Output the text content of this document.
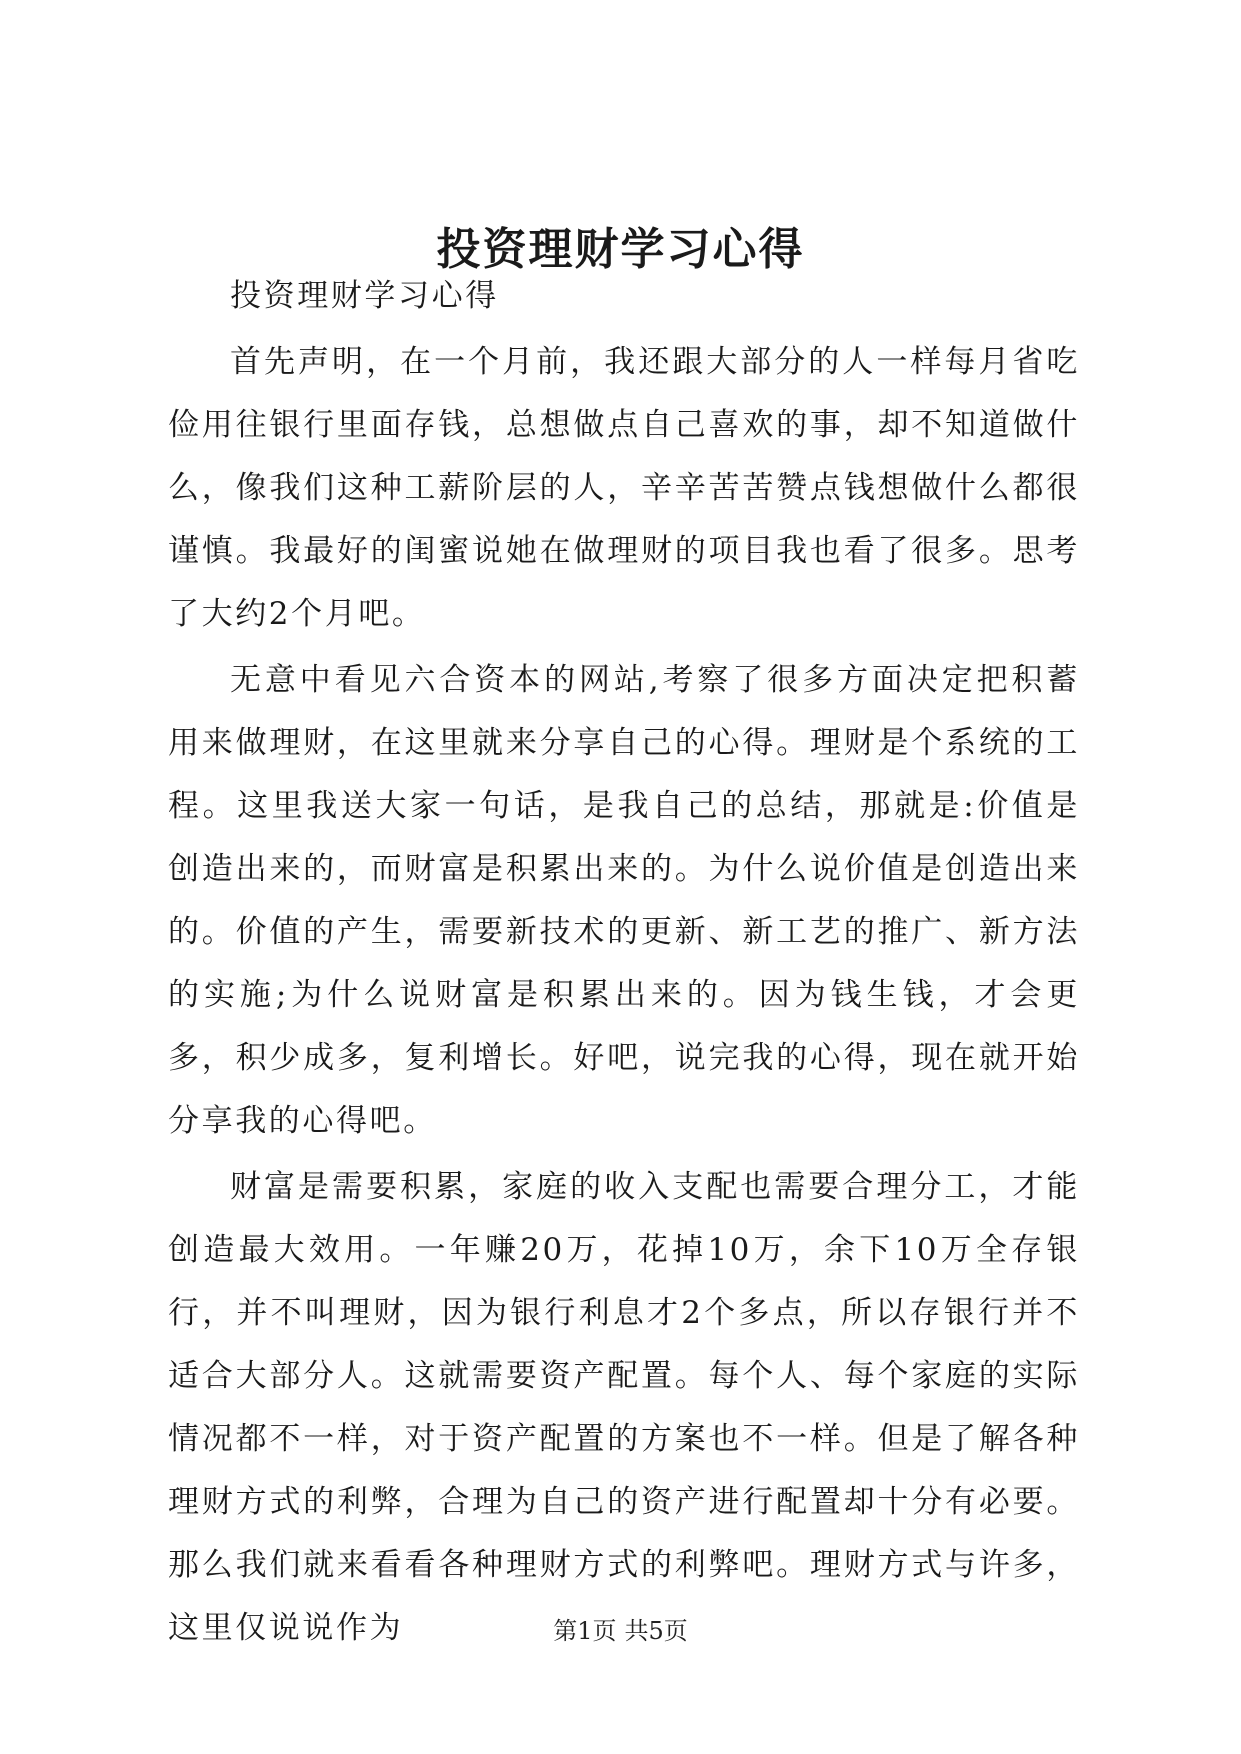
投资理财学习心得

投资理财学习心得

首先声明，在一个月前，我还跟大部分的人一样每月省吃俭用往银行里面存钱，总想做点自己喜欢的事，却不知道做什么，像我们这种工薪阶层的人，辛辛苦苦赞点钱想做什么都很谨慎。我最好的闺蜜说她在做理财的项目我也看了很多。思考了大约2个月吧。

无意中看见六合资本的网站,考察了很多方面决定把积蓄用来做理财，在这里就来分享自己的心得。理财是个系统的工程。这里我送大家一句话，是我自己的总结，那就是:价值是创造出来的，而财富是积累出来的。为什么说价值是创造出来的。价值的产生，需要新技术的更新、新工艺的推广、新方法的实施;为什么说财富是积累出来的。因为钱生钱，才会更多，积少成多，复利增长。好吧，说完我的心得，现在就开始分享我的心得吧。

财富是需要积累，家庭的收入支配也需要合理分工，才能创造最大效用。一年赚20万，花掉10万，余下10万全存银行，并不叫理财，因为银行利息才2个多点，所以存银行并不适合大部分人。这就需要资产配置。每个人、每个家庭的实际情况都不一样，对于资产配置的方案也不一样。但是了解各种理财方式的利弊，合理为自己的资产进行配置却十分有必要。那么我们就来看看各种理财方式的利弊吧。理财方式与许多，这里仅说说作为	第1页 共5页
